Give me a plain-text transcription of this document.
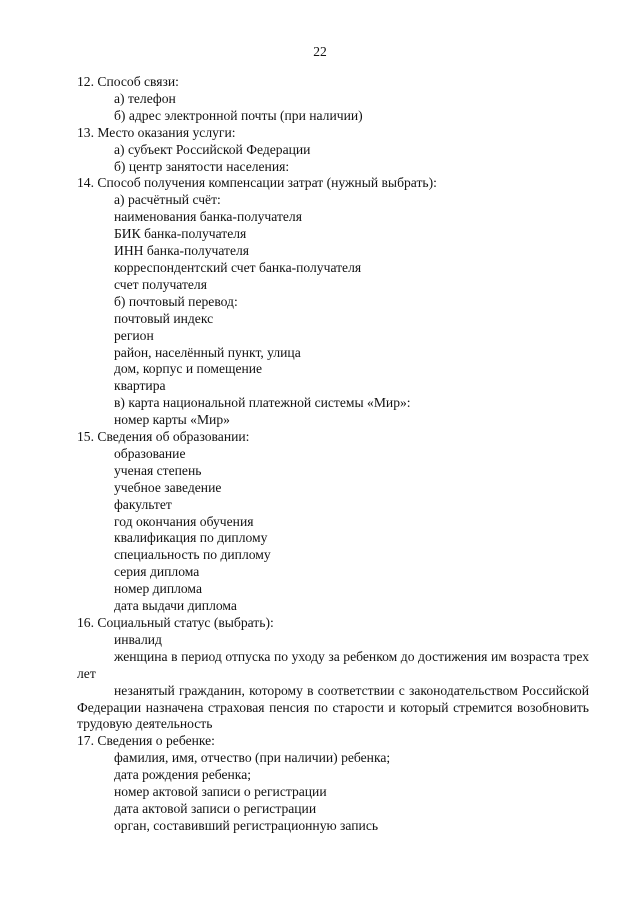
22
12. Способ связи:
а) телефон
б) адрес электронной почты (при наличии)
13. Место оказания услуги:
а) субъект Российской Федерации
б) центр занятости населения:
14. Способ получения компенсации затрат (нужный выбрать):
а) расчётный счёт:
наименования банка-получателя
БИК банка-получателя
ИНН банка-получателя
корреспондентский счет банка-получателя
счет получателя
б) почтовый перевод:
почтовый индекс
регион
район, населённый пункт, улица
дом, корпус и помещение
квартира
в) карта национальной платежной системы «Мир»:
номер карты «Мир»
15. Сведения об образовании:
образование
ученая степень
учебное заведение
факультет
год окончания обучения
квалификация по диплому
специальность по диплому
серия диплома
номер диплома
дата выдачи диплома
16. Социальный статус (выбрать):
инвалид
женщина в период отпуска по уходу за ребенком до достижения им возраста трех лет
незанятый гражданин, которому в соответствии с законодательством Российской Федерации назначена страховая пенсия по старости и который стремится возобновить трудовую деятельность
17. Сведения о ребенке:
фамилия, имя, отчество (при наличии) ребенка;
дата рождения ребенка;
номер актовой записи о регистрации
дата актовой записи о регистрации
орган, составивший регистрационную запись
